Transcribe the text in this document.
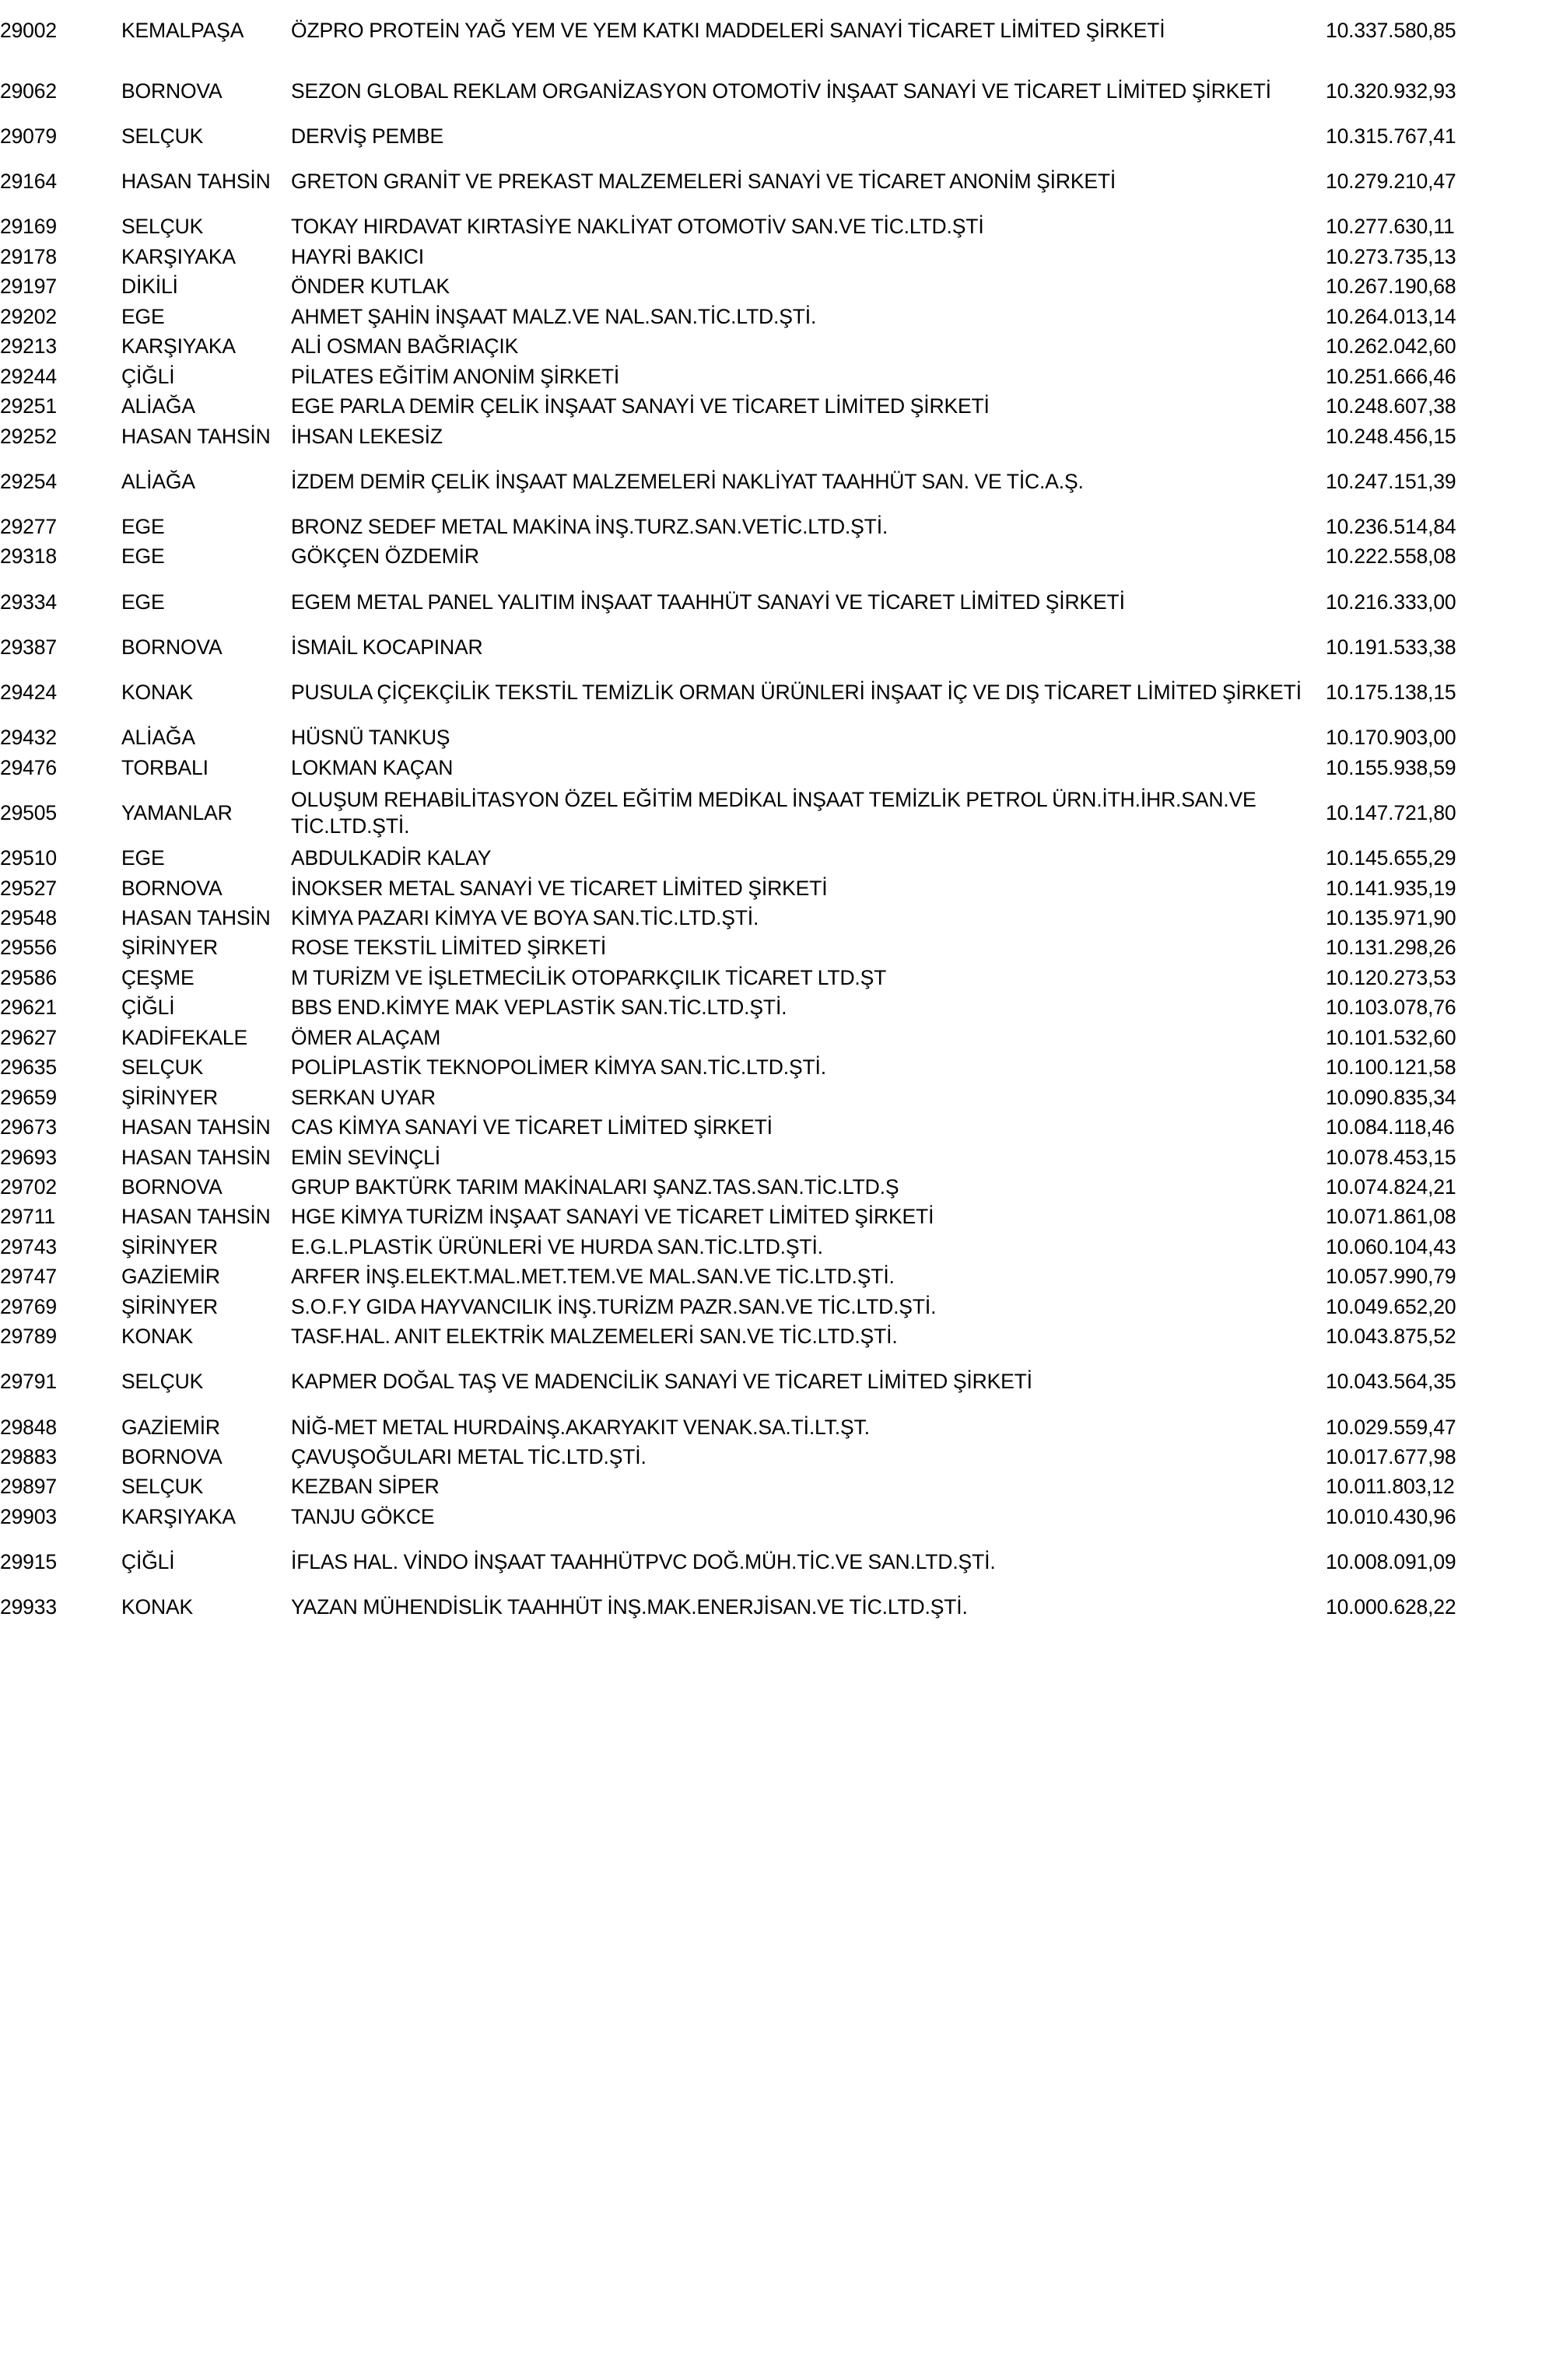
29002		KEMALPAŞA	ÖZPRO PROTEİN YAĞ YEM VE YEM KATKI MADDELERİ SANAYİ TİCARET LİMİTED ŞİRKETİ	10.337.580,85
29062		BORNOVA	SEZON GLOBAL REKLAM ORGANİZASYON OTOMOTİV İNŞAAT SANAYİ VE TİCARET LİMİTED ŞİRKETİ	10.320.932,93
29079		SELÇUK	DERVİŞ PEMBE	10.315.767,41
29164		HASAN TAHSİN	GRETON GRANİT VE PREKAST MALZEMELERİ SANAYİ VE TİCARET ANONİM ŞİRKETİ	10.279.210,47
29169		SELÇUK	TOKAY HIRDAVAT KIRTASİYE NAKLİYAT OTOMOTİV SAN.VE TİC.LTD.ŞTİ	10.277.630,11
29178		KARŞIYAKA	HAYRİ BAKICI	10.273.735,13
29197		DİKİLİ	ÖNDER KUTLAK	10.267.190,68
29202		EGE	AHMET ŞAHİN İNŞAAT MALZ.VE NAL.SAN.TİC.LTD.ŞTİ.	10.264.013,14
29213		KARŞIYAKA	ALİ OSMAN BAĞRIAÇIK	10.262.042,60
29244		ÇİĞLİ	PİLATES EĞİTİM ANONİM ŞİRKETİ	10.251.666,46
29251		ALİAĞA	EGE PARLA DEMİR ÇELİK İNŞAAT SANAYİ VE TİCARET LİMİTED ŞİRKETİ	10.248.607,38
29252		HASAN TAHSİN	İHSAN LEKESİZ	10.248.456,15
29254		ALİAĞA	İZDEM DEMİR ÇELİK İNŞAAT MALZEMELERİ NAKLİYAT TAAHHÜT SAN. VE TİC.A.Ş.	10.247.151,39
29277		EGE	BRONZ SEDEF METAL MAKİNA İNŞ.TURZ.SAN.VETİC.LTD.ŞTİ.	10.236.514,84
29318		EGE	GÖKÇEN ÖZDEMİR	10.222.558,08
29334		EGE	EGEM METAL PANEL YALITIM İNŞAAT TAAHHÜT SANAYİ VE TİCARET LİMİTED ŞİRKETİ	10.216.333,00
29387		BORNOVA	İSMAİL KOCAPINAR	10.191.533,38
29424		KONAK	PUSULA ÇİÇEKÇİLİK TEKSTİL TEMİZLİK ORMAN ÜRÜNLERİ İNŞAAT İÇ VE DIŞ TİCARET LİMİTED ŞİRKETİ	10.175.138,15
29432		ALİAĞA	HÜSNÜ TANKUŞ	10.170.903,00
29476		TORBALI	LOKMAN KAÇAN	10.155.938,59
29505		YAMANLAR	OLUŞUM REHABİLİTASYON ÖZEL EĞİTİM MEDİKAL İNŞAAT TEMİZLİK PETROL ÜRN.İTH.İHR.SAN.VE TİC.LTD.ŞTİ.	10.147.721,80
29510		EGE	ABDULKADİR KALAY	10.145.655,29
29527		BORNOVA	İNOKSER METAL SANAYİ VE TİCARET LİMİTED ŞİRKETİ	10.141.935,19
29548		HASAN TAHSİN	KİMYA PAZARI KİMYA VE BOYA SAN.TİC.LTD.ŞTİ.	10.135.971,90
29556		ŞİRİNYER	ROSE TEKSTİL LİMİTED ŞİRKETİ	10.131.298,26
29586		ÇEŞME	M TURİZM VE İŞLETMECİLİK OTOPARKÇILIK TİCARET LTD.ŞT	10.120.273,53
29621		ÇİĞLİ	BBS END.KİMYE MAK VEPLASTİK SAN.TİC.LTD.ŞTİ.	10.103.078,76
29627		KADİFEKALE	ÖMER ALAÇAM	10.101.532,60
29635		SELÇUK	POLİPLASTİK TEKNOPOLİMER KİMYA SAN.TİC.LTD.ŞTİ.	10.100.121,58
29659		ŞİRİNYER	SERKAN UYAR	10.090.835,34
29673		HASAN TAHSİN	CAS KİMYA SANAYİ VE TİCARET LİMİTED ŞİRKETİ	10.084.118,46
29693		HASAN TAHSİN	EMİN SEVİNÇLİ	10.078.453,15
29702		BORNOVA	GRUP BAKTÜRK TARIM MAKİNALARI ŞANZ.TAS.SAN.TİC.LTD.Ş	10.074.824,21
29711		HASAN TAHSİN	HGE KİMYA TURİZM İNŞAAT SANAYİ VE TİCARET LİMİTED ŞİRKETİ	10.071.861,08
29743		ŞİRİNYER	E.G.L.PLASTİK ÜRÜNLERİ VE HURDA SAN.TİC.LTD.ŞTİ.	10.060.104,43
29747		GAZİEMİR	ARFER İNŞ.ELEKT.MAL.MET.TEM.VE MAL.SAN.VE TİC.LTD.ŞTİ.	10.057.990,79
29769		ŞİRİNYER	S.O.F.Y GIDA HAYVANCILIK İNŞ.TURİZM PAZR.SAN.VE TİC.LTD.ŞTİ.	10.049.652,20
29789		KONAK	TASF.HAL. ANIT ELEKTRİK MALZEMELERİ SAN.VE TİC.LTD.ŞTİ.	10.043.875,52
29791		SELÇUK	KAPMER DOĞAL TAŞ VE MADENCİLİK SANAYİ VE TİCARET LİMİTED ŞİRKETİ	10.043.564,35
29848		GAZİEMİR	NİĞ-MET METAL HURDAİNŞ.AKARYAKIT VENAK.SA.Tİ.LT.ŞT.	10.029.559,47
29883		BORNOVA	ÇAVUŞOĞULARI METAL TİC.LTD.ŞTİ.	10.017.677,98
29897		SELÇUK	KEZBAN SİPER	10.011.803,12
29903		KARŞIYAKA	TANJU GÖKCE	10.010.430,96
29915		ÇİĞLİ	İFLAS HAL. VİNDO İNŞAAT TAAHHÜTPVC DOĞ.MÜH.TİC.VE SAN.LTD.ŞTİ.	10.008.091,09
29933		KONAK	YAZAN MÜHENDİSLİK TAAHHÜT İNŞ.MAK.ENERJİSAN.VE TİC.LTD.ŞTİ.	10.000.628,22
